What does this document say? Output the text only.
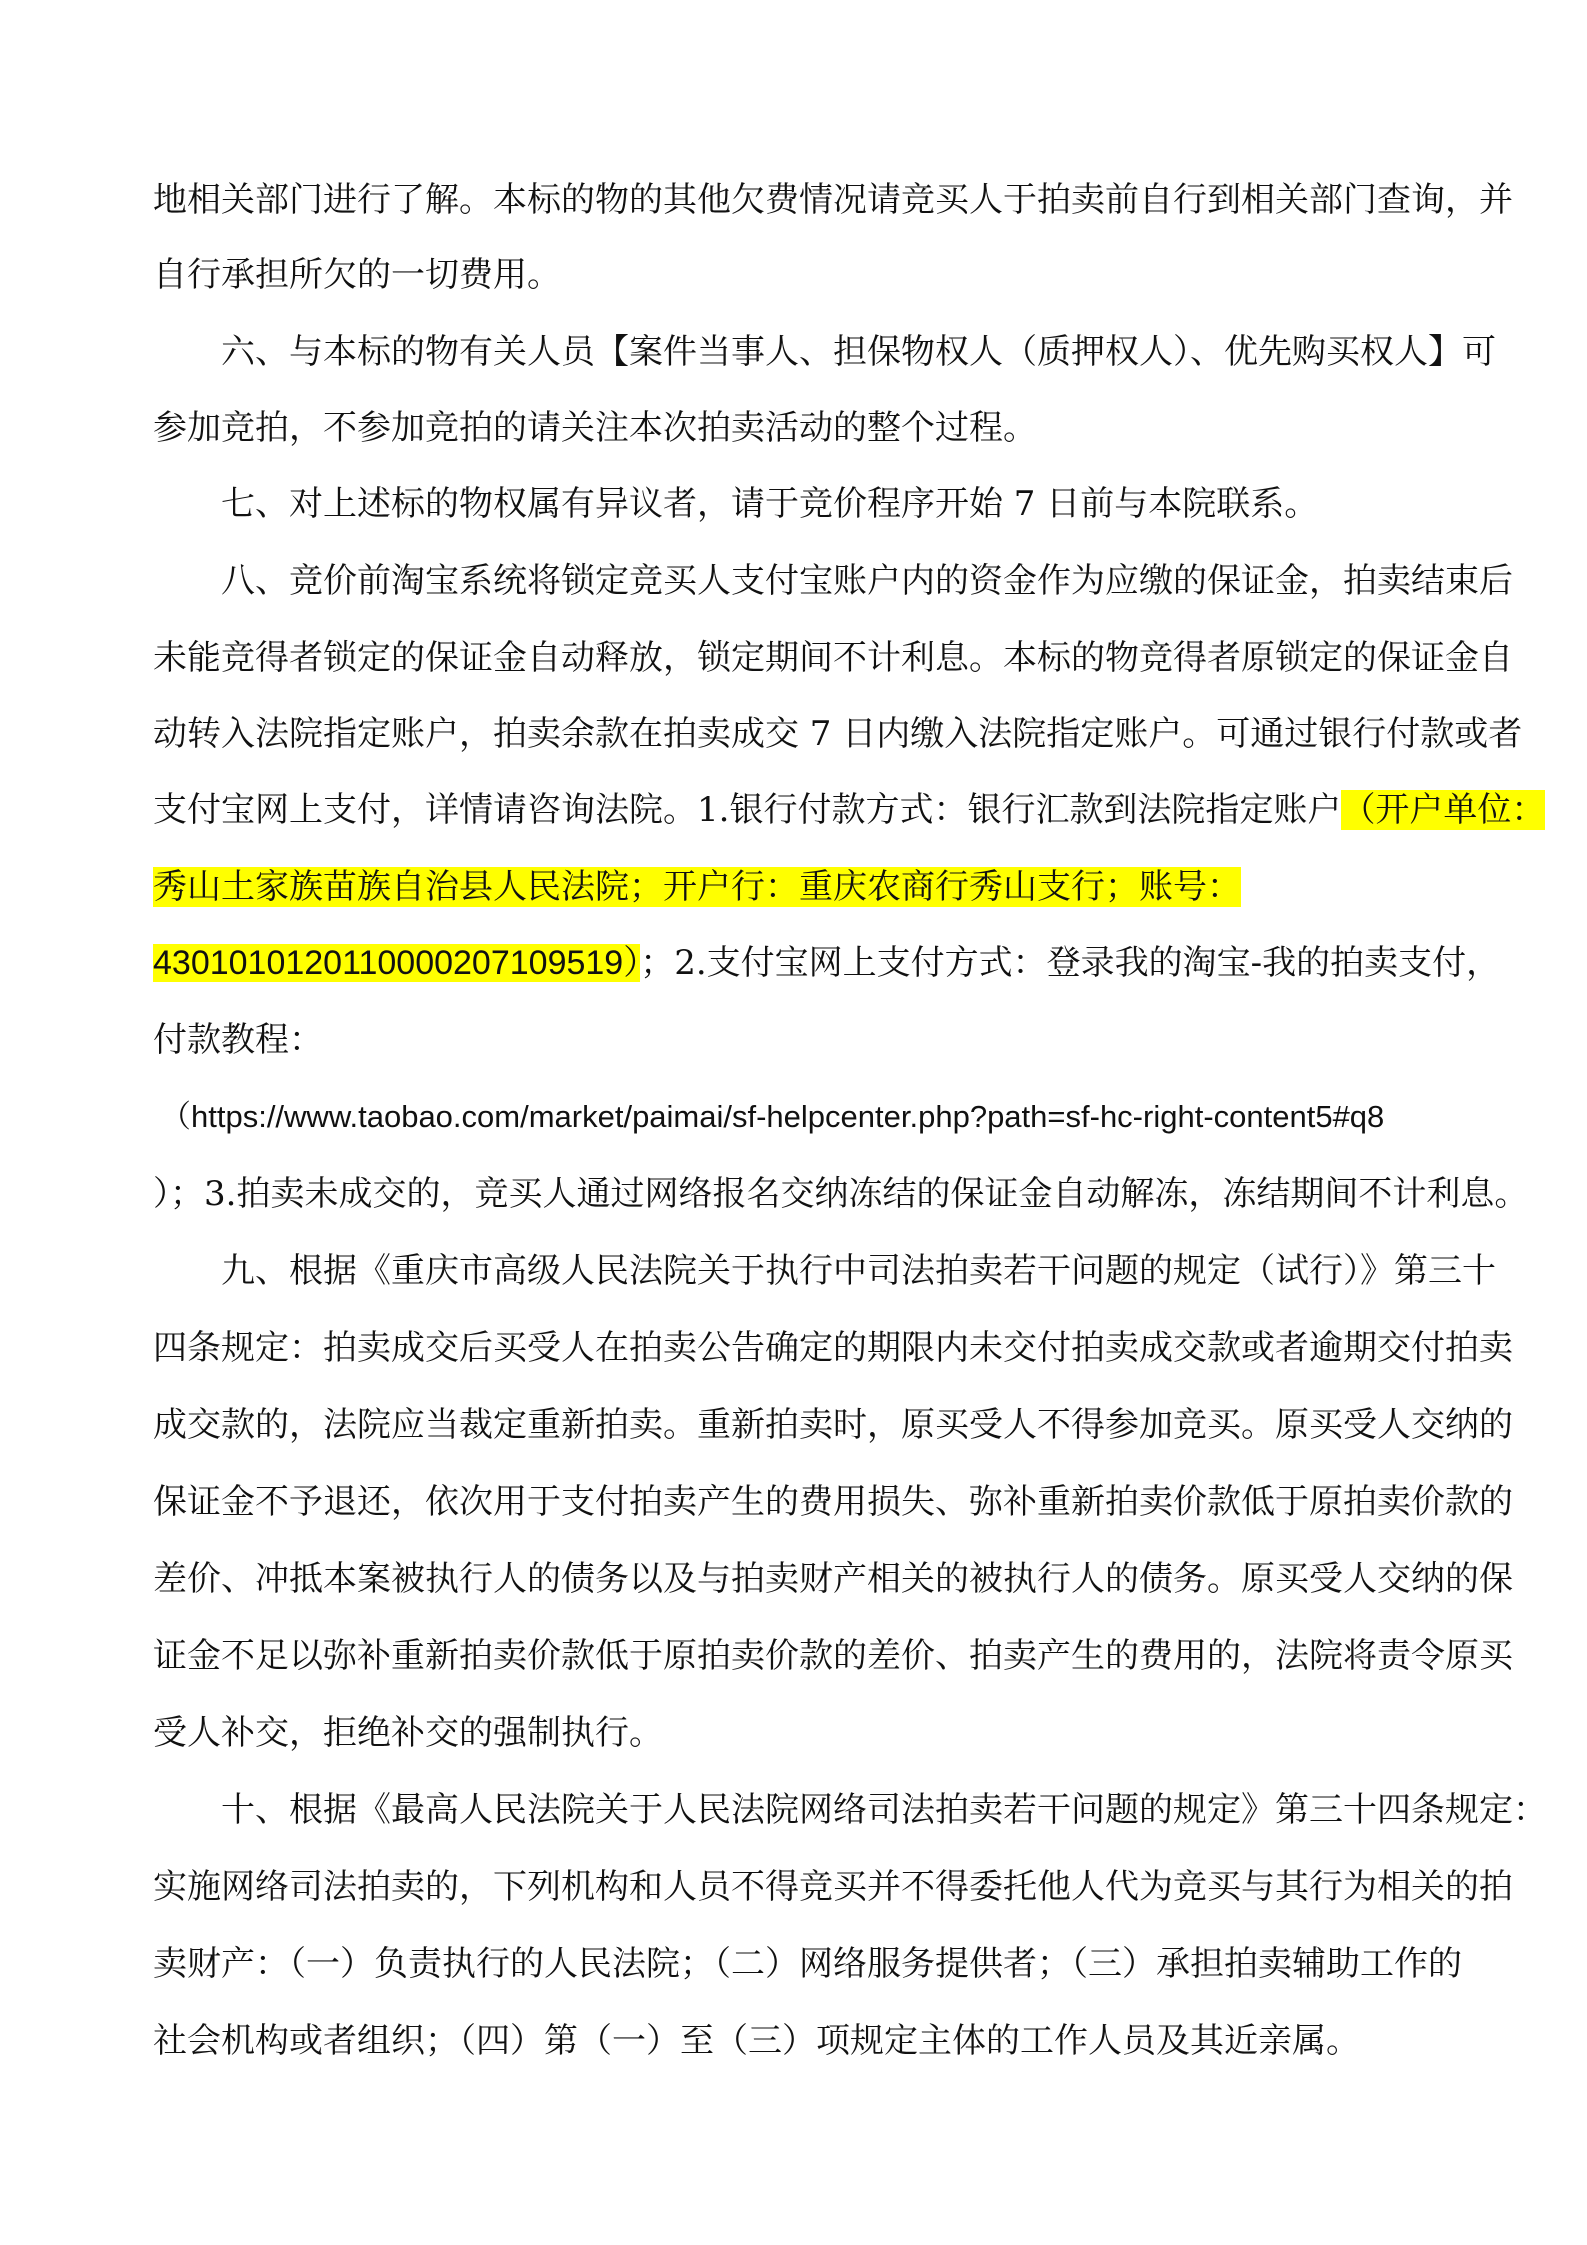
地相关部门进行了解。本标的物的其他欠费情况请竞买人于拍卖前自行到相关部门查询，并
自行承担所欠的一切费用。
六、与本标的物有关人员【案件当事人、担保物权人（质押权人）、优先购买权人】可
参加竞拍，不参加竞拍的请关注本次拍卖活动的整个过程。
七、对上述标的物权属有异议者，请于竞价程序开始 7 日前与本院联系。
八、竞价前淘宝系统将锁定竞买人支付宝账户内的资金作为应缴的保证金，拍卖结束后
未能竞得者锁定的保证金自动释放，锁定期间不计利息。本标的物竞得者原锁定的保证金自
动转入法院指定账户，拍卖余款在拍卖成交 7 日内缴入法院指定账户。可通过银行付款或者
支付宝网上支付，详情请咨询法院。1.银行付款方式：银行汇款到法院指定账户（开户单位：
秀山土家族苗族自治县人民法院；开户行：重庆农商行秀山支行；账号：
4301010120110000207109519）；2.支付宝网上支付方式：登录我的淘宝-我的拍卖支付，
付款教程：
（https://www.taobao.com/market/paimai/sf-helpcenter.php?path=sf-hc-right-content5#q8
）；3.拍卖未成交的，竞买人通过网络报名交纳冻结的保证金自动解冻，冻结期间不计利息。
九、根据《重庆市高级人民法院关于执行中司法拍卖若干问题的规定（试行）》第三十
四条规定：拍卖成交后买受人在拍卖公告确定的期限内未交付拍卖成交款或者逾期交付拍卖
成交款的，法院应当裁定重新拍卖。重新拍卖时，原买受人不得参加竞买。原买受人交纳的
保证金不予退还，依次用于支付拍卖产生的费用损失、弥补重新拍卖价款低于原拍卖价款的
差价、冲抵本案被执行人的债务以及与拍卖财产相关的被执行人的债务。原买受人交纳的保
证金不足以弥补重新拍卖价款低于原拍卖价款的差价、拍卖产生的费用的，法院将责令原买
受人补交，拒绝补交的强制执行。
十、根据《最高人民法院关于人民法院网络司法拍卖若干问题的规定》第三十四条规定：
实施网络司法拍卖的，下列机构和人员不得竞买并不得委托他人代为竞买与其行为相关的拍
卖财产：（一）负责执行的人民法院；（二）网络服务提供者；（三）承担拍卖辅助工作的
社会机构或者组织；（四）第（一）至（三）项规定主体的工作人员及其近亲属。
